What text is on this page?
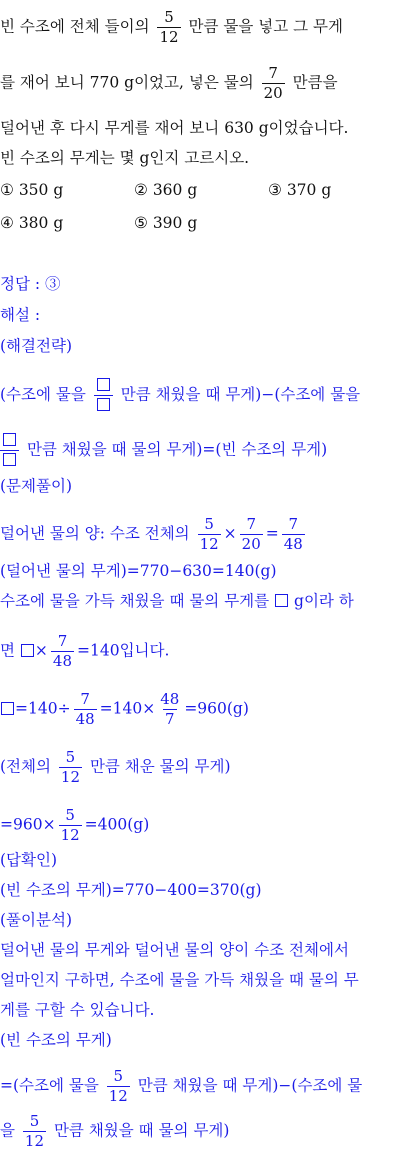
빈 수조에 전체 들이의 $\frac{5}{12}$ 만큼 물을 넣고 그 무게
를 재어 보니 770 g이었고, 넣은 물의 $\frac{7}{20}$ 만큼을
덜어낸 후 다시 무게를 재어 보니 630 g이었습니다.
빈 수조의 무게는 몇 g인지 고르시오.
① 350 g	② 360 g	③ 370 g
④ 380 g	⑤ 390 g
정답 : ③
해설 :
(해결전략)
(수조에 물을 만큼 채웠을 때 무게)−(수조에 물을
만큼 채웠을 때 물의 무게)=(빈 수조의 무게)
(문제풀이)
덜어낸 물의 양: 수조 전체의 $\frac{5}{12} \times \frac{7}{20} = \frac{7}{48}$
(덜어낸 물의 무게)=770−630=140(g)
수조에 물을 가득 채웠을 때 물의 무게를 g이라 하
면 × $\frac{7}{48} =140$입니다.
$=140\div \frac{7}{48} =140\times \frac{48}{7} =960(g)$
(전체의 $\frac{5}{12}$ 만큼 채운 물의 무게)
$=960\times \frac{5}{12} =400(g)$
(답확인)
(빈 수조의 무게)=770−400=370(g)
(풀이분석)
덜어낸 물의 무게와 덜어낸 물의 양이 수조 전체에서
얼마인지 구하면, 수조에 물을 가득 채웠을 때 물의 무
게를 구할 수 있습니다.
(빈 수조의 무게)
=(수조에 물을 $\frac{5}{12}$ 만큼 채웠을 때 무게)−(수조에 물
을 $\frac{5}{12}$ 만큼 채웠을 때 물의 무게)
